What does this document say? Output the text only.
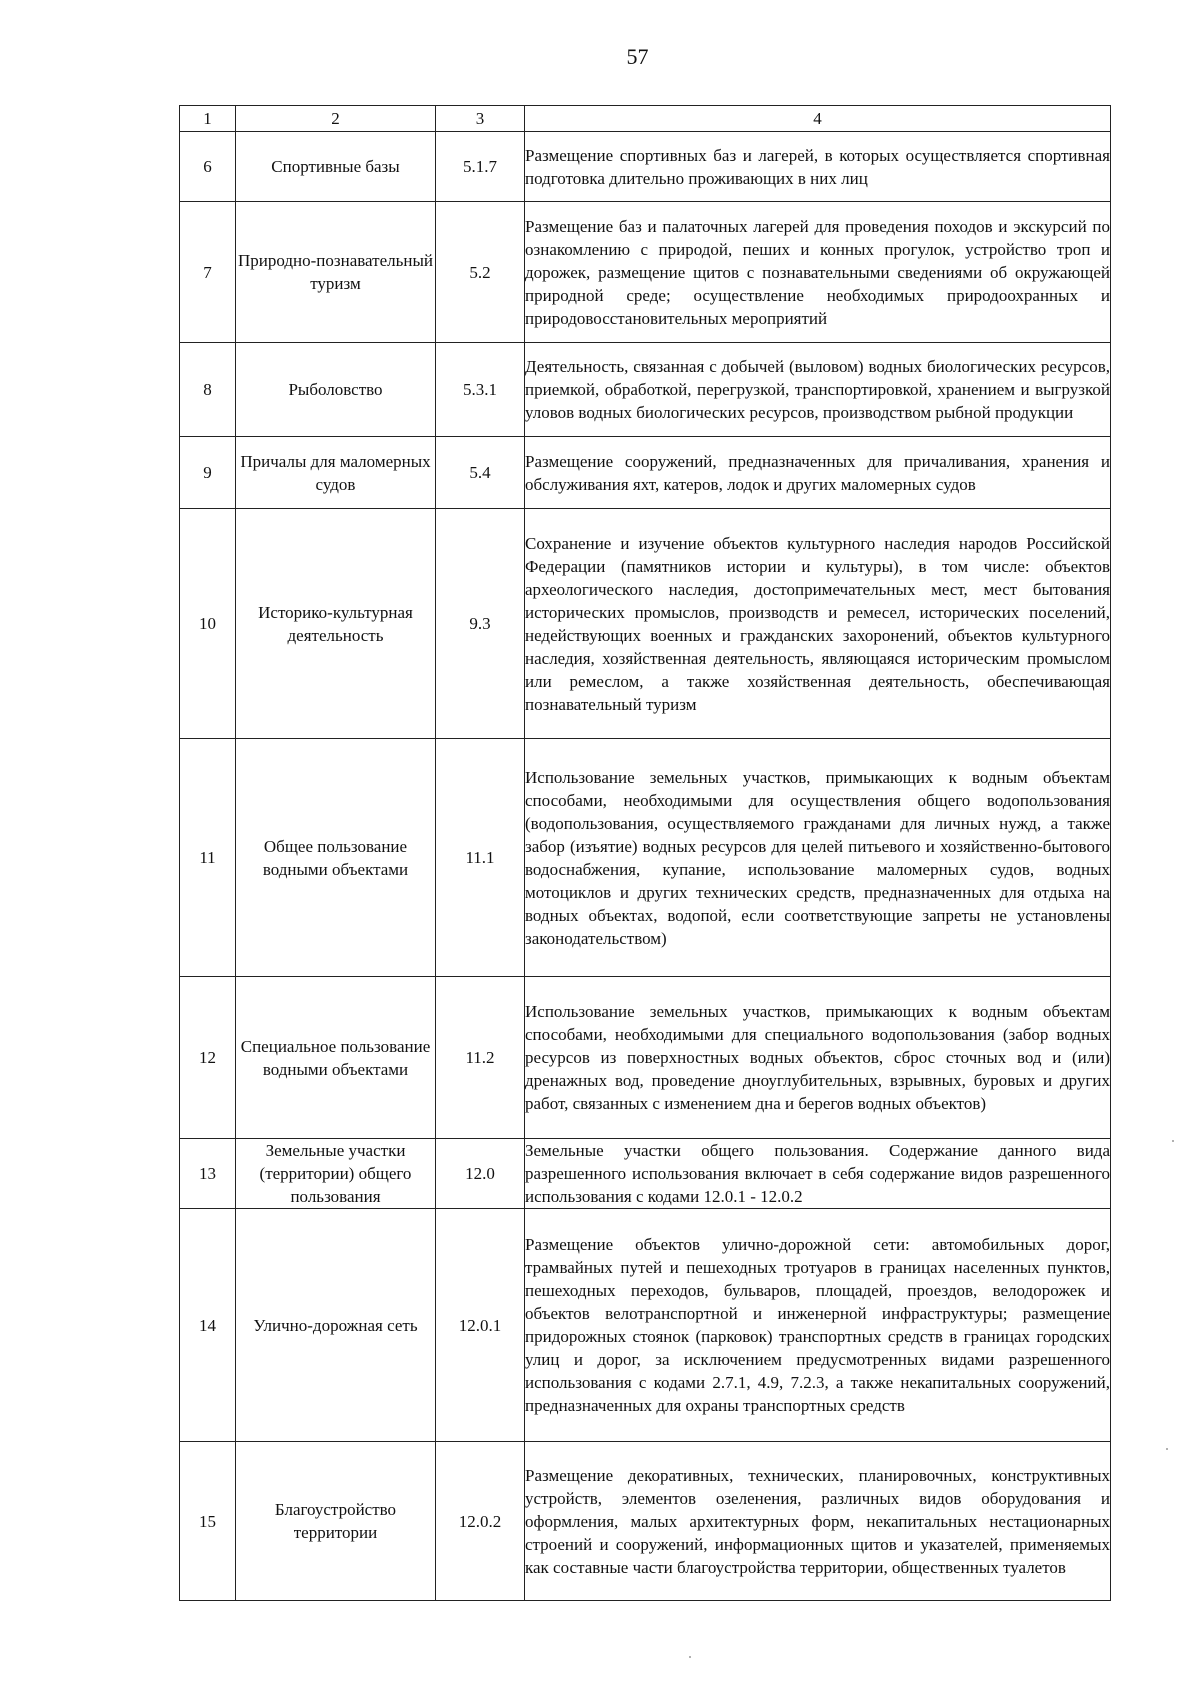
57
1	2	3	4
6	Спортивные базы	5.1.7	Размещение спортивных баз и лагерей, в которых осуществляется спортивная подготовка длительно проживающих в них лиц
7	Природно-познавательный туризм	5.2	Размещение баз и палаточных лагерей для проведения походов и экскурсий по ознакомлению с природой, пеших и конных прогулок, устройство троп и дорожек, размещение щитов с познавательными сведениями об окружающей природной среде; осуществление необходимых природоохранных и природовосстановительных мероприятий
8	Рыболовство	5.3.1	Деятельность, связанная с добычей (выловом) водных биологических ресурсов, приемкой, обработкой, перегрузкой, транспортировкой, хранением и выгрузкой уловов водных биологических ресурсов, производством рыбной продукции
9	Причалы для маломерных судов	5.4	Размещение сооружений, предназначенных для причаливания, хранения и обслуживания яхт, катеров, лодок и других маломерных судов
10	Историко-культурная деятельность	9.3	Сохранение и изучение объектов культурного наследия народов Российской Федерации (памятников истории и культуры), в том числе: объектов археологического наследия, достопримечательных мест, мест бытования исторических промыслов, производств и ремесел, исторических поселений, недействующих военных и гражданских захоронений, объектов культурного наследия, хозяйственная деятельность, являющаяся историческим промыслом или ремеслом, а также хозяйственная деятельность, обеспечивающая познавательный туризм
11	Общее пользование водными объектами	11.1	Использование земельных участков, примыкающих к водным объектам способами, необходимыми для осуществления общего водопользования (водопользования, осуществляемого гражданами для личных нужд, а также забор (изъятие) водных ресурсов для целей питьевого и хозяйственно-бытового водоснабжения, купание, использование маломерных судов, водных мотоциклов и других технических средств, предназначенных для отдыха на водных объектах, водопой, если соответствующие запреты не установлены законодательством)
12	Специальное пользование водными объектами	11.2	Использование земельных участков, примыкающих к водным объектам способами, необходимыми для специального водопользования (забор водных ресурсов из поверхностных водных объектов, сброс сточных вод и (или) дренажных вод, проведение дноуглубительных, взрывных, буровых и других работ, связанных с изменением дна и берегов водных объектов)
13	Земельные участки (территории) общего пользования	12.0	Земельные участки общего пользования. Содержание данного вида разрешенного использования включает в себя содержание видов разрешенного использования с кодами 12.0.1 - 12.0.2
14	Улично-дорожная сеть	12.0.1	Размещение объектов улично-дорожной сети: автомобильных дорог, трамвайных путей и пешеходных тротуаров в границах населенных пунктов, пешеходных переходов, бульваров, площадей, проездов, велодорожек и объектов велотранспортной и инженерной инфраструктуры; размещение придорожных стоянок (парковок) транспортных средств в границах городских улиц и дорог, за исключением предусмотренных видами разрешенного использования с кодами 2.7.1, 4.9, 7.2.3, а также некапитальных сооружений, предназначенных для охраны транспортных средств
15	Благоустройство территории	12.0.2	Размещение декоративных, технических, планировочных, конструктивных устройств, элементов озеленения, различных видов оборудования и оформления, малых архитектурных форм, некапитальных нестационарных строений и сооружений, информационных щитов и указателей, применяемых как составные части благоустройства территории, общественных туалетов
